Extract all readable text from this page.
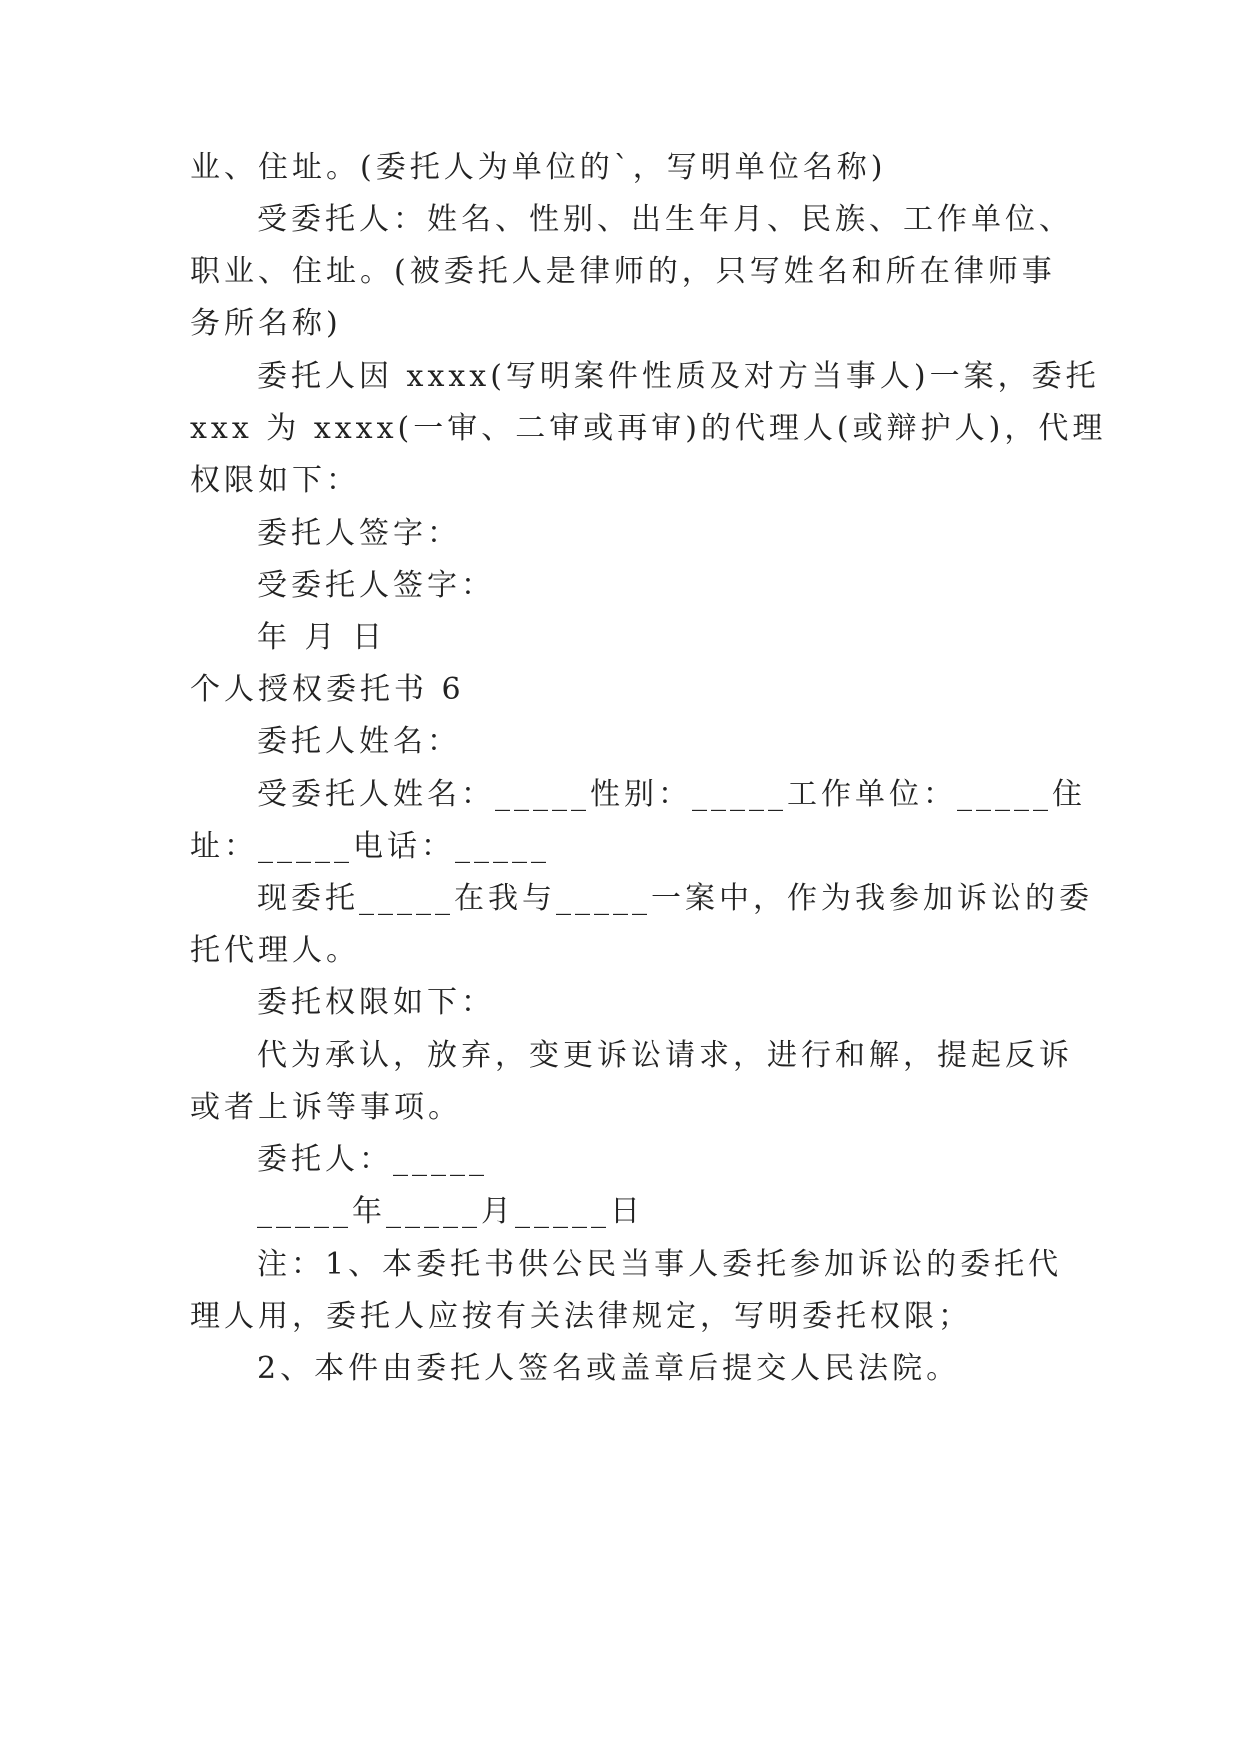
业、住址。(委托人为单位的`，写明单位名称)
受委托人：姓名、性别、出生年月、民族、工作单位、
职业、住址。(被委托人是律师的，只写姓名和所在律师事
务所名称)
委托人因 xxxx(写明案件性质及对方当事人)一案，委托
xxx 为 xxxx(一审、二审或再审)的代理人(或辩护人)，代理
权限如下：
委托人签字：
受委托人签字：
年 月 日
个人授权委托书 6
委托人姓名：
受委托人姓名：_____性别：_____工作单位：_____住
址：_____电话：_____
现委托_____在我与_____一案中，作为我参加诉讼的委
托代理人。
委托权限如下：
代为承认，放弃，变更诉讼请求，进行和解，提起反诉
或者上诉等事项。
委托人：_____
_____年_____月_____日
注：1、本委托书供公民当事人委托参加诉讼的委托代
理人用，委托人应按有关法律规定，写明委托权限；
2、本件由委托人签名或盖章后提交人民法院。
